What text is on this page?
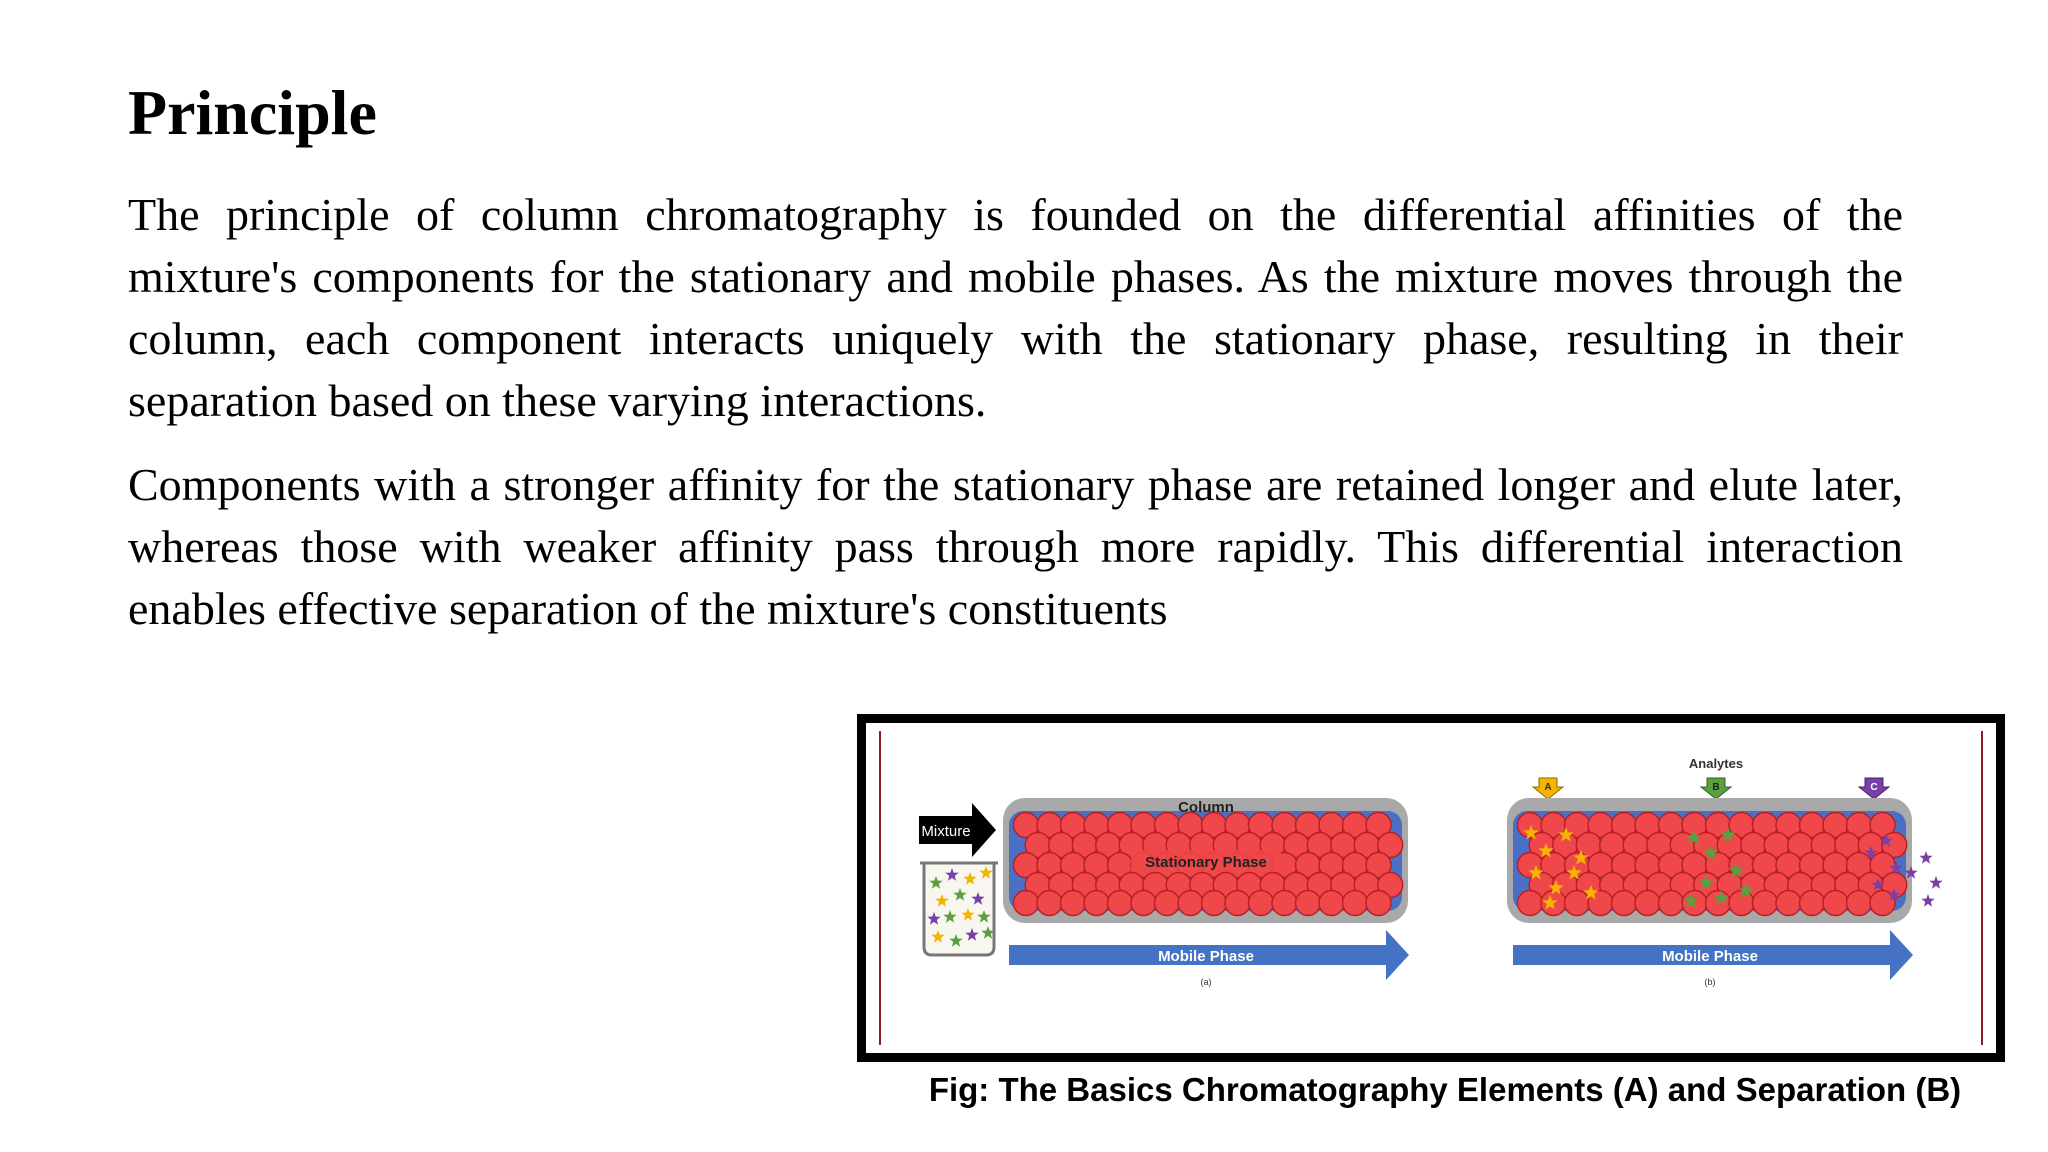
Principle

The principle of column chromatography is founded on the differential affinities of the mixture's components for the stationary and mobile phases. As the mixture moves through the column, each component interacts uniquely with the stationary phase, resulting in their separation based on these varying interactions.

Components with a stronger affinity for the stationary phase are retained longer and elute later, whereas those with weaker affinity pass through more rapidly. This differential interaction enables effective separation of the mixture's constituents

Mixture
Column
Stationary Phase
Mobile Phase
(a)
Analytes
A	B	C
Mobile Phase
(b)
Fig: The Basics Chromatography Elements (A) and Separation (B)
